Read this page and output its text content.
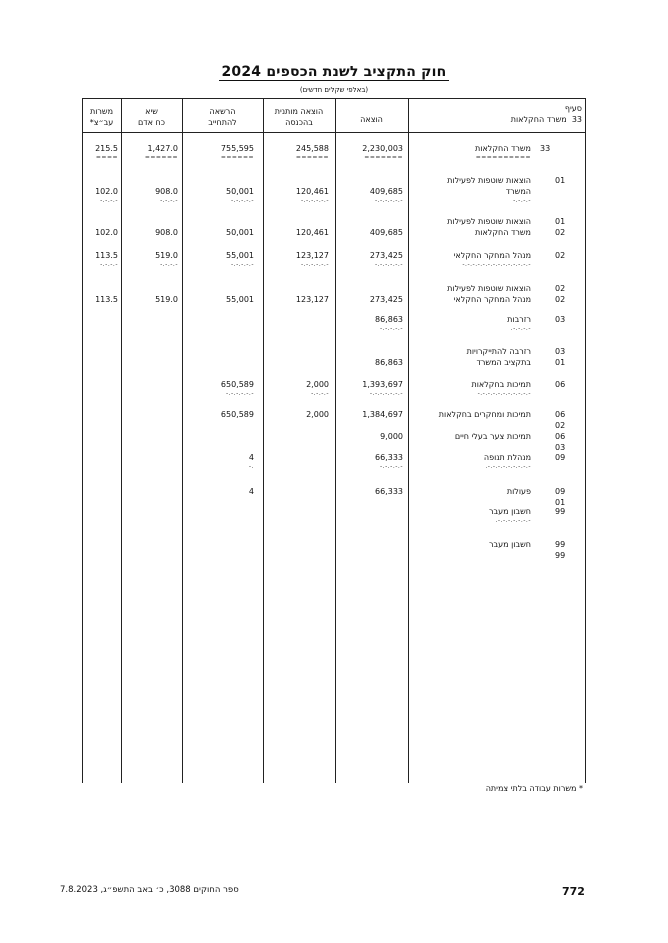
חוק התקציב לשנת הכספים 2024
(באלפי שקלים חדשים)
סעיף
33  משרד החקלאות
הוצאה
הוצאה מותנית
בהכנסה
הרשאה
להתחייב
שיא
כח אדם
משרות
עב״צ*
33
משרד החקלאות
==========
2,230,003
=======
245,588
======
755,595
======
1,427.0
======
215.5
====
01
הוצאות שוטפות לפעילות
המשרד
-.-.-.-
409,685
-.-.-.-.-.-
120,461
-.-.-.-.-.-
50,001
-.-.-.-.-
908.0
-.-.-.-
102.0
-.-.-.-
01 02
הוצאות שוטפות לפעילות
משרד החקלאות
409,685
120,461
50,001
908.0
102.0
02
מנהל המחקר החקלאי
-.-.-.-.-.-.-.-.-.-.-.-.-.-
273,425
-.-.-.-.-.-
123,127
-.-.-.-.-.-
55,001
-.-.-.-.-
519.0
-.-.-.-
113.5
-.-.-.-
02 02
הוצאות שוטפות לפעילות
מנהל המחקר החקלאי
273,425
123,127
55,001
519.0
113.5
03
רזרבות
-.-.-.-.
86,863
-.-.-.-.-
03 01
רזרבה להתייקרויות
בתקציב המשרד
86,863
06
תמיכות בחקלאות
-.-.-.-.-.-.-.-.-.-.-
1,393,697
-.-.-.-.-.-.-
2,000
-.-.-.-
650,589
-.-.-.-.-.-
06 02
תמיכות ומחקרים בחקלאות
1,384,697
2,000
650,589
06 03
תמיכות צער בעלי חיים
9,000
09
מנהלת תנופה
-.-.-.-.-.-.-.-.-.
66,333
-.-.-.-.-
4
-.
09 01
פעולות
66,333
4
99
חשבון מעבר
-.-.-.-.-.-.-.
99 99
חשבון מעבר
* משרות עבודה בלתי צמיתה
772
ספר החוקים 3088, כ׳ באב התשפ״ג, 7.8.2023
